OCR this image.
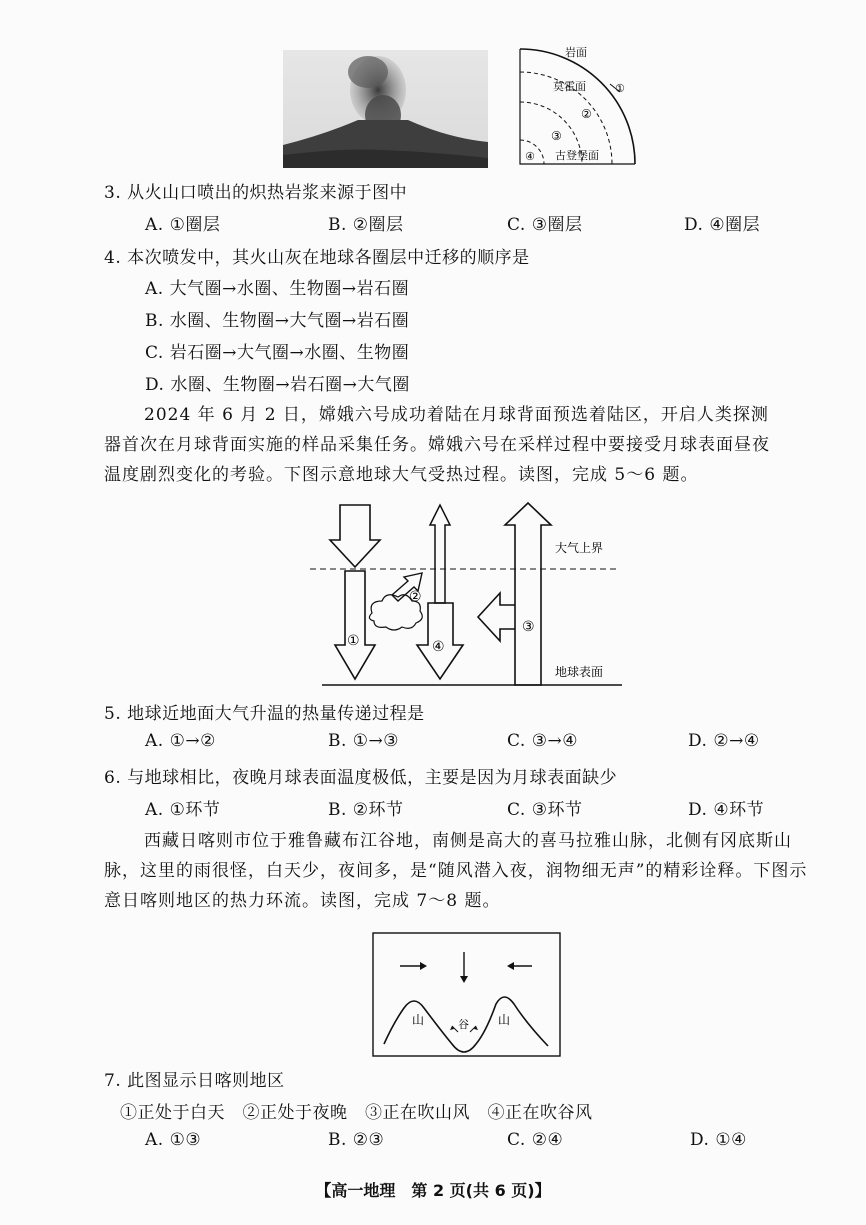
岩面
莫霍面	①
②
③
④ 古登堡面
3. 从火山口喷出的炽热岩浆来源于图中
A. ①圈层	B. ②圈层	C. ③圈层	D. ④圈层
4. 本次喷发中，其火山灰在地球各圈层中迁移的顺序是
A. 大气圈→水圈、生物圈→岩石圈
B. 水圈、生物圈→大气圈→岩石圈
C. 岩石圈→大气圈→水圈、生物圈
D. 水圈、生物圈→岩石圈→大气圈
2024 年 6 月 2 日，嫦娥六号成功着陆在月球背面预选着陆区，开启人类探测器首次在月球背面实施的样品采集任务。嫦娥六号在采样过程中要接受月球表面昼夜温度剧烈变化的考验。下图示意地球大气受热过程。读图，完成 5～6 题。
①
②
③
④
大气上界
地球表面
5. 地球近地面大气升温的热量传递过程是
A. ①→②	B. ①→③	C. ③→④	D. ②→④
6. 与地球相比，夜晚月球表面温度极低，主要是因为月球表面缺少
A. ①环节	B. ②环节	C. ③环节	D. ④环节
西藏日喀则市位于雅鲁藏布江谷地，南侧是高大的喜马拉雅山脉，北侧有冈底斯山脉，这里的雨很怪，白天少，夜间多，是“随风潜入夜，润物细无声”的精彩诠释。下图示意日喀则地区的热力环流。读图，完成 7～8 题。
山	谷 山
7. 此图显示日喀则地区
①正处于白天　②正处于夜晚　③正在吹山风　④正在吹谷风
A. ①③	B. ②③	C. ②④	D. ①④
【高一地理　第 2 页(共 6 页)】
